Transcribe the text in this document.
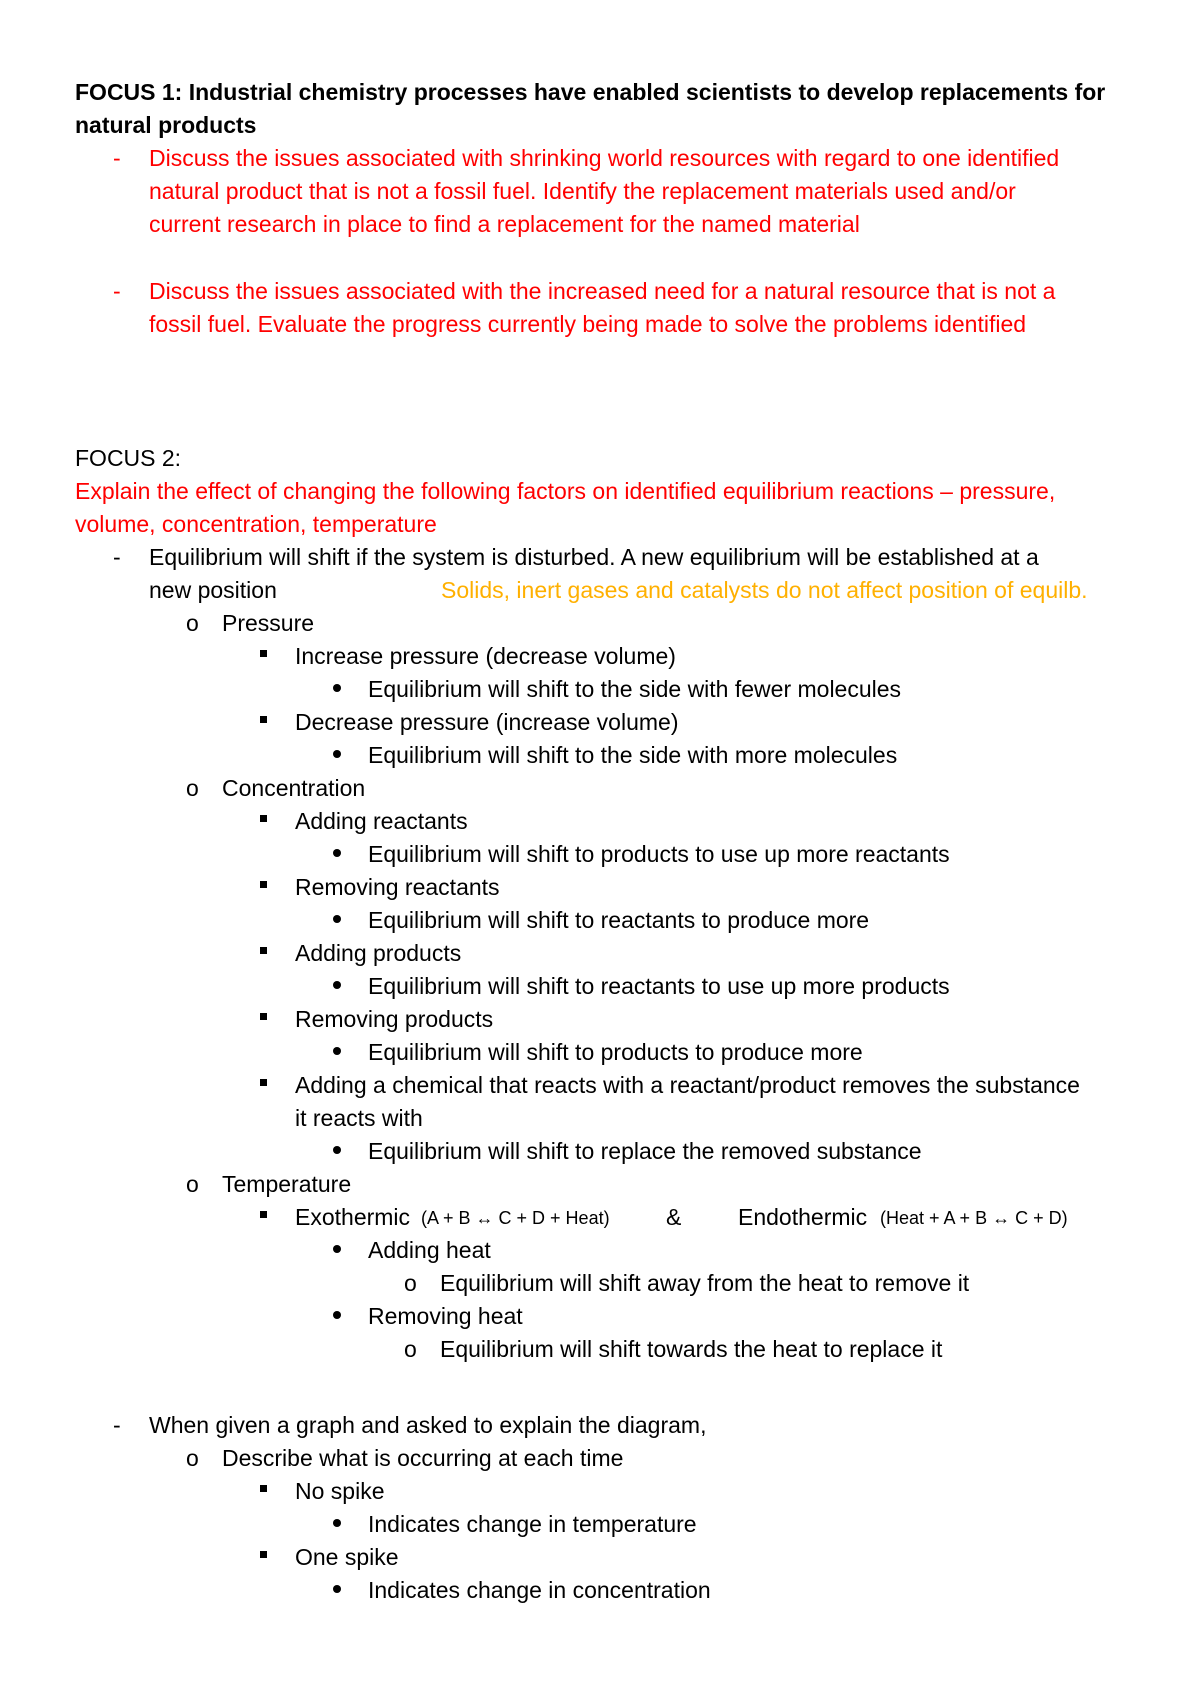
FOCUS 1: Industrial chemistry processes have enabled scientists to develop replacements for
natural products
- Discuss the issues associated with shrinking world resources with regard to one identified
natural product that is not a fossil fuel. Identify the replacement materials used and/or
current research in place to find a replacement for the named material
- Discuss the issues associated with the increased need for a natural resource that is not a
fossil fuel. Evaluate the progress currently being made to solve the problems identified
FOCUS 2:
Explain the effect of changing the following factors on identified equilibrium reactions – pressure,
volume, concentration, temperature
- Equilibrium will shift if the system is disturbed. A new equilibrium will be established at a
new position	Solids, inert gases and catalysts do not affect position of equilb.
o Pressure
Increase pressure (decrease volume)
Equilibrium will shift to the side with fewer molecules
Decrease pressure (increase volume)
Equilibrium will shift to the side with more molecules
o Concentration
Adding reactants
Equilibrium will shift to products to use up more reactants
Removing reactants
Equilibrium will shift to reactants to produce more
Adding products
Equilibrium will shift to reactants to use up more products
Removing products
Equilibrium will shift to products to produce more
Adding a chemical that reacts with a reactant/product removes the substance
it reacts with
Equilibrium will shift to replace the removed substance
o Temperature
Exothermic (A + B ↔ C + D + Heat) & Endothermic (Heat + A + B ↔ C + D)
Adding heat
o Equilibrium will shift away from the heat to remove it
Removing heat
o Equilibrium will shift towards the heat to replace it
- When given a graph and asked to explain the diagram,
o Describe what is occurring at each time
No spike
Indicates change in temperature
One spike
Indicates change in concentration
